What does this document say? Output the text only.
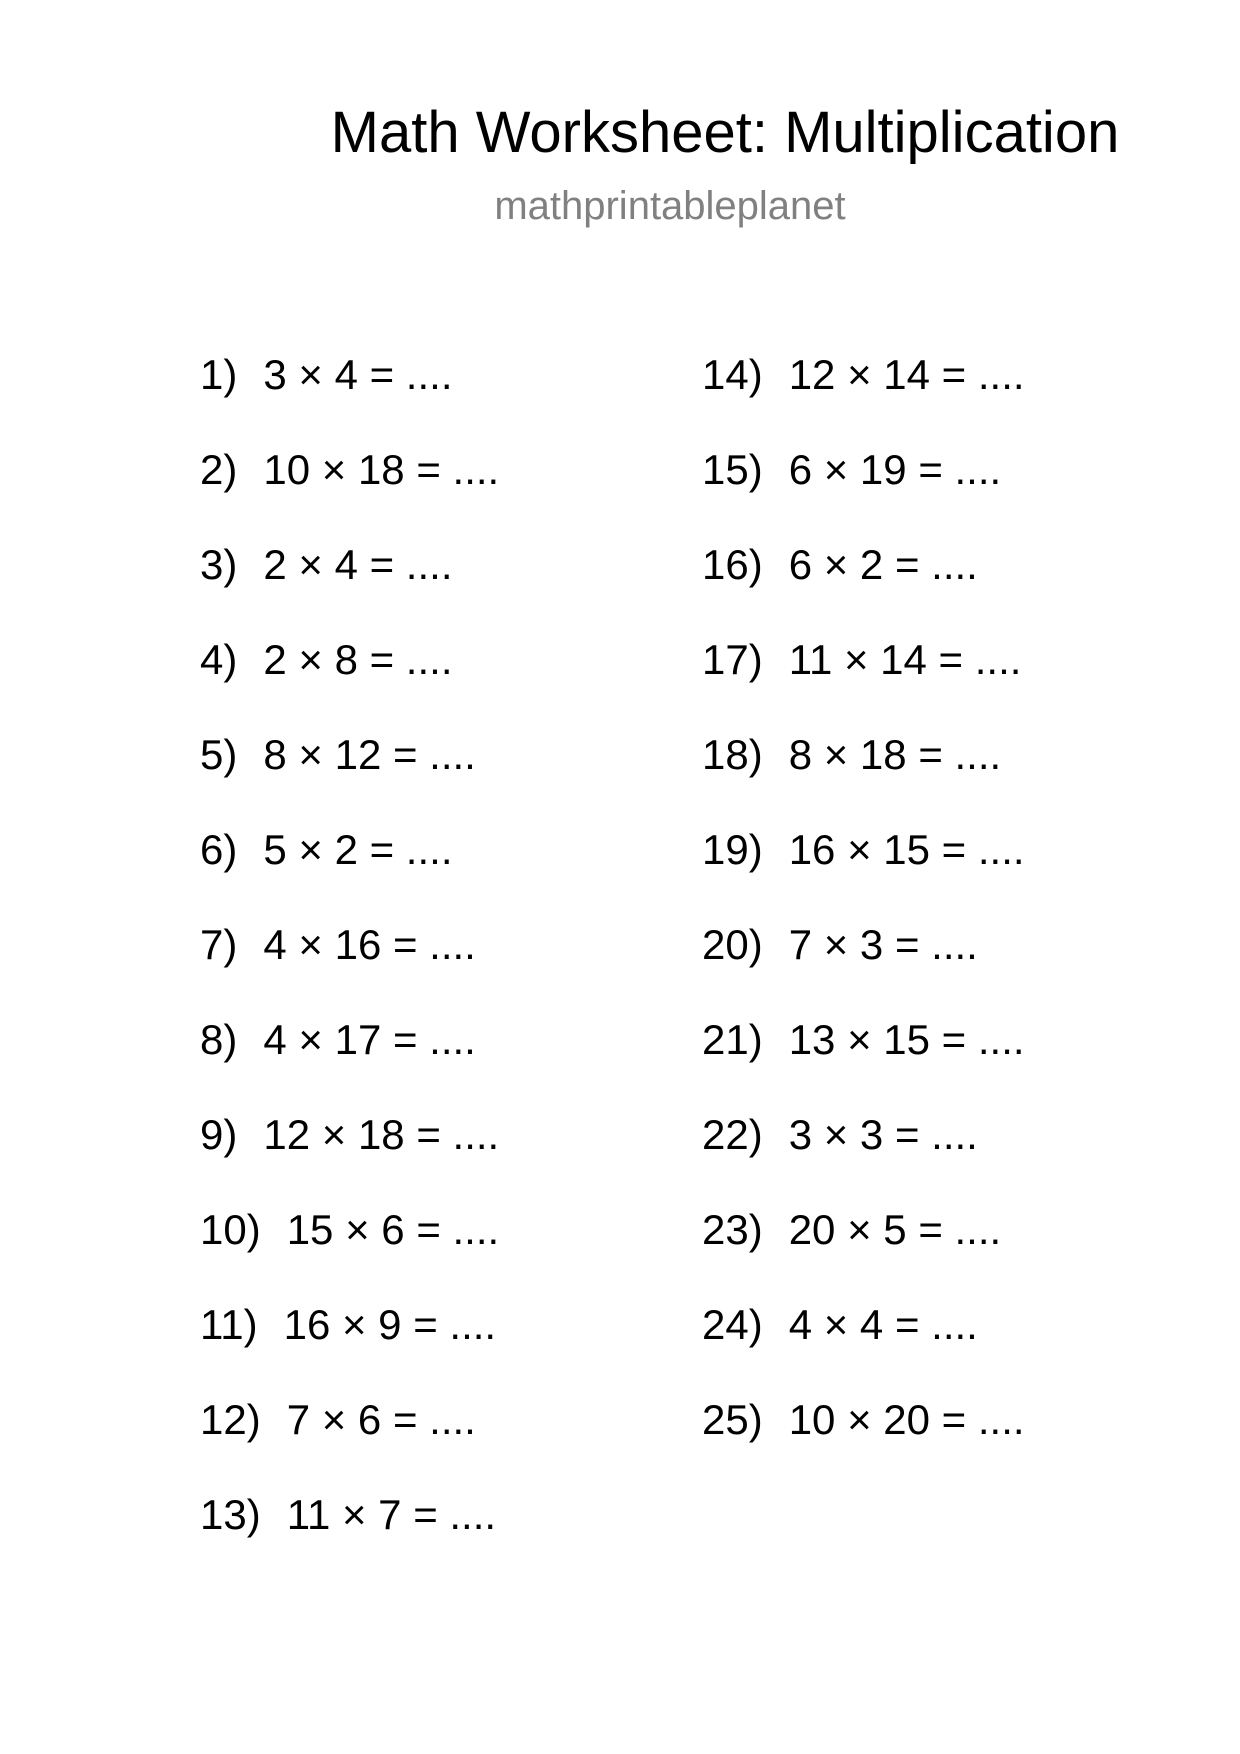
Math Worksheet: Multiplication
mathprintableplanet
1) 3 × 4 = ....
2) 10 × 18 = ....
3) 2 × 4 = ....
4) 2 × 8 = ....
5) 8 × 12 = ....
6) 5 × 2 = ....
7) 4 × 16 = ....
8) 4 × 17 = ....
9) 12 × 18 = ....
10) 15 × 6 = ....
11) 16 × 9 = ....
12) 7 × 6 = ....
13) 11 × 7 = ....
14) 12 × 14 = ....
15) 6 × 19 = ....
16) 6 × 2 = ....
17) 11 × 14 = ....
18) 8 × 18 = ....
19) 16 × 15 = ....
20) 7 × 3 = ....
21) 13 × 15 = ....
22) 3 × 3 = ....
23) 20 × 5 = ....
24) 4 × 4 = ....
25) 10 × 20 = ....
